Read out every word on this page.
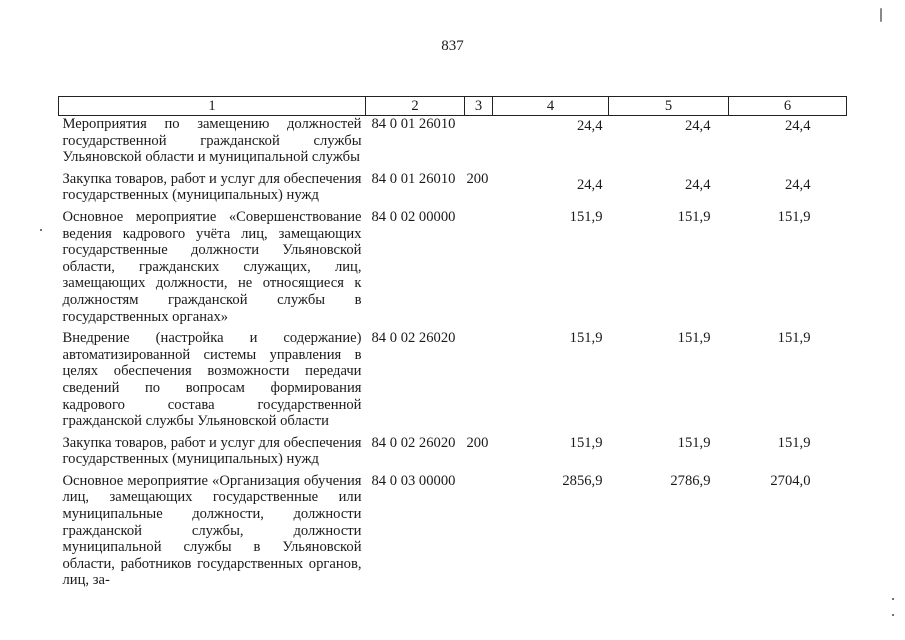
837
1	2	3	4	5	6
Мероприятия по замещению должностей государственной гражданской службы Ульяновской области и муниципальной службы	84 0 01 26010		24,4	24,4	24,4
Закупка товаров, работ и услуг для обеспечения государственных (муниципальных) нужд	84 0 01 26010	200	24,4	24,4	24,4
Основное мероприятие «Совершенствование ведения кадрового учёта лиц, замещающих государственные должности Ульяновской области, гражданских служащих, лиц, замещающих должности, не относящиеся к должностям гражданской службы в государственных органах»	84 0 02 00000		151,9	151,9	151,9
Внедрение (настройка и содержание) автоматизированной системы управления в целях обеспечения возможности передачи сведений по вопросам формирования кадрового состава государственной гражданской службы Ульяновской области	84 0 02 26020		151,9	151,9	151,9
Закупка товаров, работ и услуг для обеспечения государственных (муниципальных) нужд	84 0 02 26020	200	151,9	151,9	151,9
Основное мероприятие «Организация обучения лиц, замещающих государственные или муниципальные должности, должности гражданской службы, должности муниципальной службы в Ульяновской области, работников государственных органов, лиц, за-	84 0 03 00000		2856,9	2786,9	2704,0
